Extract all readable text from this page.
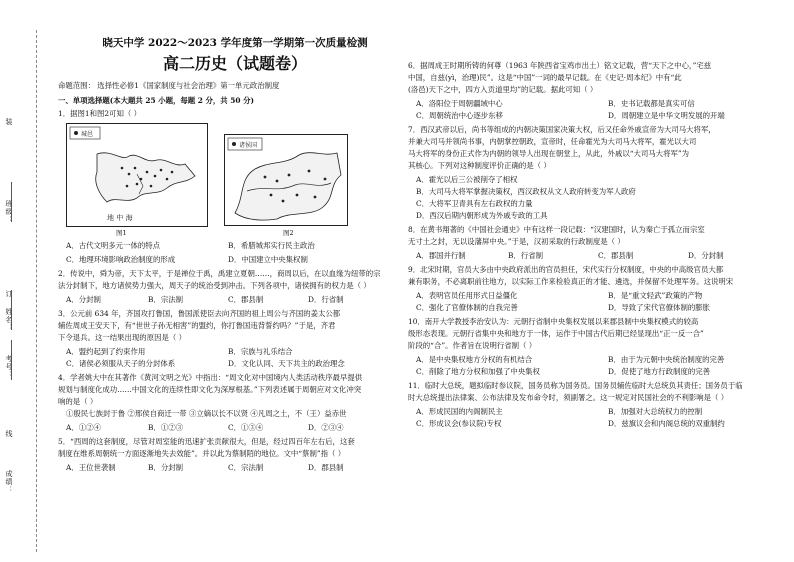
装
班级：
订
姓名：
考号：
线
成绩：
晓天中学 2022～2023 学年度第一学期第一次质量检测
高二历史（试题卷）
命题范围： 选择性必修1《国家制度与社会治理》第一单元政治制度
一、单项选择题(本大题共 25 小题，每题 2 分，共 50 分)
1．据图1和图2可知（ ）
城邑
地 中 海
图1
诸侯国
图2
A．古代文明多元一体的特点	B．希腊城邦实行民主政治
C．地理环境影响政治制度的形成	D．中国建立中央集权制
2．传说中，舜为帝，天下太平，于是禅位于禹，禹建立夏朝……，商周以后，在以血缘为纽带的宗
法分封制下，地方诸侯势力强大，周天子的统治受到冲击。下列各项中，诸侯拥有的权力是（ ）
A．分封制	B．宗法制	C．郡县制	D．行省制
3．公元前 634 年，齐国攻打鲁国，鲁国派使臣去向齐国的祖上周公与齐国的姜太公都
辅佐周成王安天下，有“世世子孙无相害”的盟约，你打鲁国违背誓约吗？”于是，齐君
下令退兵。这一结果出现的原因是（ ）
A．盟约起到了约束作用	B．宗族与礼乐结合
C．诸侯必须服从天子的分封体系	D．文化认同、天下共主的政治理念
4．学者姚大中在其著作《黄河文明之光》中指出：“周文化对中国境内人类活动秩序最早提供
规划与制度化成功……中国文化的连续性即文化为深厚根基。”下列表述属于周朝应对文化冲突
响的是（ ）
①殷民七族封于鲁 ②邢侯自商迁一带 ③立嫡以长不以贤 ④凡周之土，不（王）益赤世
A．①②④	B．①②③	C．①③④	D．②③④
5．“西周的这套制度，尽管对周室能的迅速扩张贡献很大，但是，经过四百年左右后，这套
制度在维系周朝统一方面逐渐地失去效能”。并以此为蔡制陌的地位。文中“蔡制”指（ ）
A．王位世袭制	B．分封制	C．宗法制	D．郡县制
6．据周成王时期所铸的何尊（1963 年陕西省宝鸡市出土）铭文记载，营“天下之中心，”宅兹
中国，自兹(yì，治理)民”。这是“中国”一词的最早记载。在《史记·周本纪》中有“此
(洛邑)天下之中，四方入贡道里均”的记载。据此可知（ ）
A．洛阳位于周朝疆域中心	B．史书记载都是真实可信
C．周朝统治中心逐步东移	D．周朝建立是中华文明发展的开端
7．西汉武帝以后，尚书等组成的内朝决策国家决策大权，后又任命外戚宣帝为大司马大将军，
并兼大司马并领尚书事，内朝掌控朝政，宣帝时，任命霍光为大司马大将军，霍光以大司
马大将军的身份正式作为内朝的领导人出现在朝堂上，从此，外戚以“大司马大将军”为
其核心。下列对这种制度评价正确的是（ ）
A．霍光以后三公被削夺了相权
B．大司马大将军掌握决策权，西汉政权从文人政府转变为军人政府
C．大将军卫青具有左右政权的力量
D．西汉后期内朝形成为外戚专政的工具
8．在黄书翔著的《中国社会通史》中有这样一段记载：“汉建国时，认为秦亡于孤立而宗室
无寸土之封，无以设藩屏中央。”于是，汉初采取的行政制度是（ ）
A．郡国并行制	B．行省制	C．郡县制	D．分封制
9．北宋时期，官员大多由中央政府派出的官员担任，宋代实行分权制度，中央的中高级官员大都
兼有职务，不必离职前往地方，以实际工作来检验真正的才能、遴选，并保留不处理军务。这说明宋
A．表明官员任用形式日益僵化	B．是“重文轻武”政策的产物
C．强化了官僚体制的自我完善	D．导致了宋代官僚体制的膨胀
10．南开大学教授李治安认为：元朝行省制中央集权发展以来郡县制中央集权模式的较高
级形态表现。元朝行省集中央和地方于一体，运作于中国古代后期已经显现出“正一反一合”
阶段的“合”。作者旨在说明行省制（ ）
A．是中央集权地方分权的有机结合	B．由于为元朝中央统治制度的完善
C．削除了地方分权和加强了中央集权	D．促使了地方行政制度的完善
11．临时大总统，题拟临时参议院，国务员称为国务员。国务员辅佐临时大总统负其责任；国务员于临
时大总统提出法律案、公布法律及发布命令时，须副署之。这一规定对民国社会的不利影响是（ ）
A．形成民国的内阁制民主	B．加强对大总统权力的控制
C．形成议会(参议院)专权	D．兹旗议会和内阁总统的双重制约
